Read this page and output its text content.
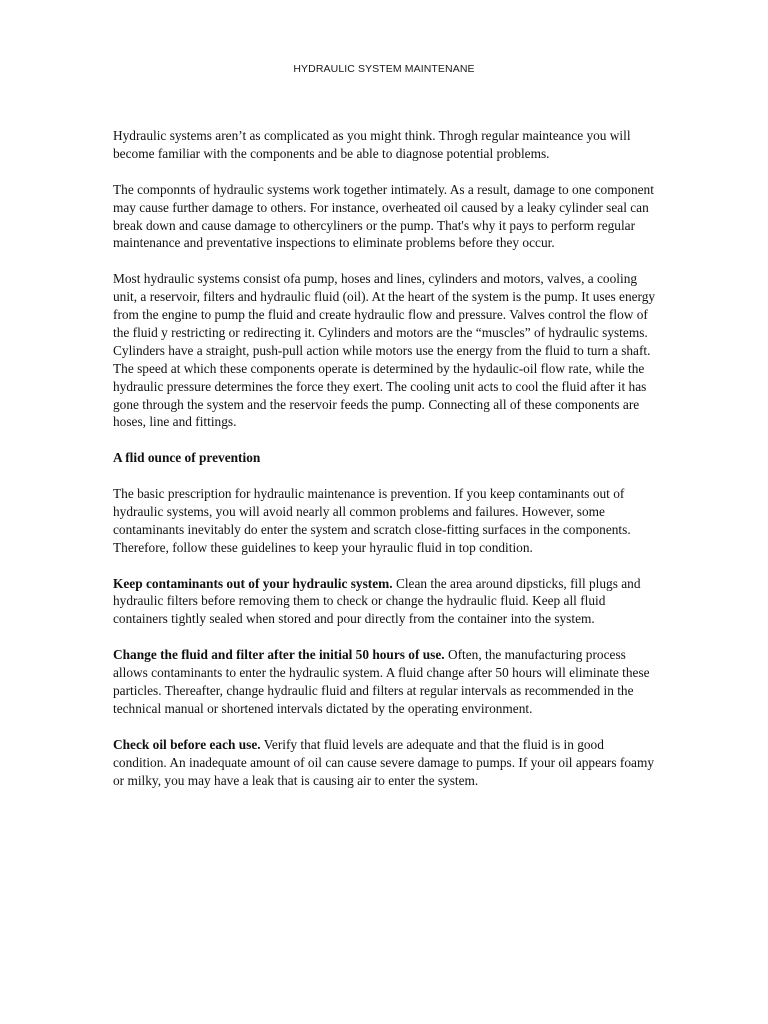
HYDRAULIC SYSTEM MAINTENANE

Hydraulic systems aren’t as complicated as you might think. Throgh regular mainteance you will become familiar with the components and be able to diagnose potential problems.

The componnts of hydraulic systems work together intimately. As a result, damage to one component may cause further damage to others. For instance, overheated oil caused by a leaky cylinder seal can break down and cause damage to othercyliners or the pump. That's why it pays to perform regular maintenance and preventative inspections to eliminate problems before they occur.

Most hydraulic systems consist ofa pump, hoses and lines, cylinders and motors, valves, a cooling unit, a reservoir, filters and hydraulic fluid (oil). At the heart of the system is the pump. It uses energy from the engine to pump the fluid and create hydraulic flow and pressure. Valves control the flow of the fluid y restricting or redirecting it. Cylinders and motors are the “muscles” of hydraulic systems. Cylinders have a straight, push-pull action while motors use the energy from the fluid to turn a shaft. The speed at which these components operate is determined by the hydaulic-oil flow rate, while the hydraulic pressure determines the force they exert. The cooling unit acts to cool the fluid after it has gone through the system and the reservoir feeds the pump. Connecting all of these components are hoses, line and fittings.

A flid ounce of prevention

The basic prescription for hydraulic maintenance is prevention. If you keep contaminants out of hydraulic systems, you will avoid nearly all common problems and failures. However, some contaminants inevitably do enter the system and scratch close-fitting surfaces in the components. Therefore, follow these guidelines to keep your hyraulic fluid in top condition.

Keep contaminants out of your hydraulic system. Clean the area around dipsticks, fill plugs and hydraulic filters before removing them to check or change the hydraulic fluid. Keep all fluid containers tightly sealed when stored and pour directly from the container into the system.

Change the fluid and filter after the initial 50 hours of use. Often, the manufacturing process allows contaminants to enter the hydraulic system. A fluid change after 50 hours will eliminate these particles. Thereafter, change hydraulic fluid and filters at regular intervals as recommended in the technical manual or shortened intervals dictated by the operating environment.

Check oil before each use. Verify that fluid levels are adequate and that the fluid is in good condition. An inadequate amount of oil can cause severe damage to pumps. If your oil appears foamy or milky, you may have a leak that is causing air to enter the system.
